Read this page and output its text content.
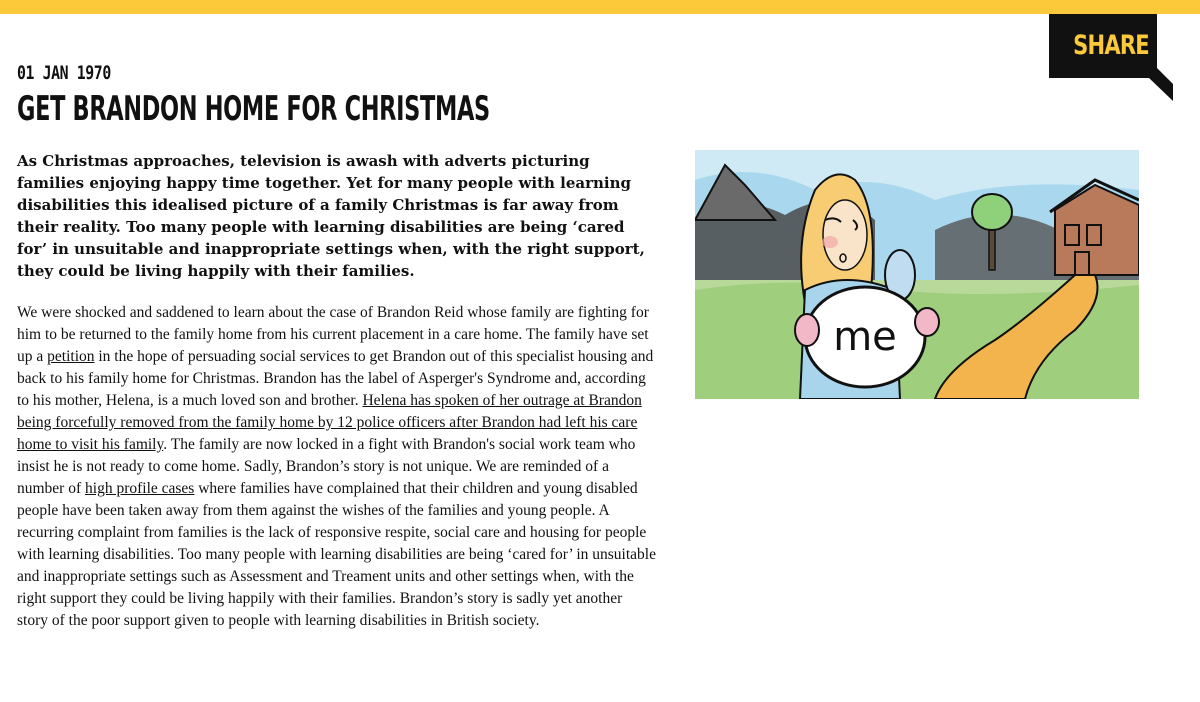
SHARE
01 JAN 1970
GET BRANDON HOME FOR CHRISTMAS

As Christmas approaches, television is awash with adverts picturing families enjoying happy time together. Yet for many people with learning disabilities this idealised picture of a family Christmas is far away from their reality. Too many people with learning disabilities are being ‘cared for’ in unsuitable and inappropriate settings when, with the right support, they could be living happily with their families.

We were shocked and saddened to learn about the case of Brandon Reid whose family are fighting for him to be returned to the family home from his current placement in a care home. The family have set up a petition in the hope of persuading social services to get Brandon out of this specialist housing and back to his family home for Christmas. Brandon has the label of Asperger's Syndrome and, according to his mother, Helena, is a much loved son and brother. Helena has spoken of her outrage at Brandon being forcefully removed from the family home by 12 police officers after Brandon had left his care home to visit his family. The family are now locked in a fight with Brandon's social work team who insist he is not ready to come home. Sadly, Brandon’s story is not unique. We are reminded of a number of high profile cases where families have complained that their children and young disabled people have been taken away from them against the wishes of the families and young people. A recurring complaint from families is the lack of responsive respite, social care and housing for people with learning disabilities. Too many people with learning disabilities are being ‘cared for’ in unsuitable and inappropriate settings such as Assessment and Treament units and other settings when, with the right support they could be living happily with their families. Brandon’s story is sadly yet another story of the poor support given to people with learning disabilities in British society.

me
